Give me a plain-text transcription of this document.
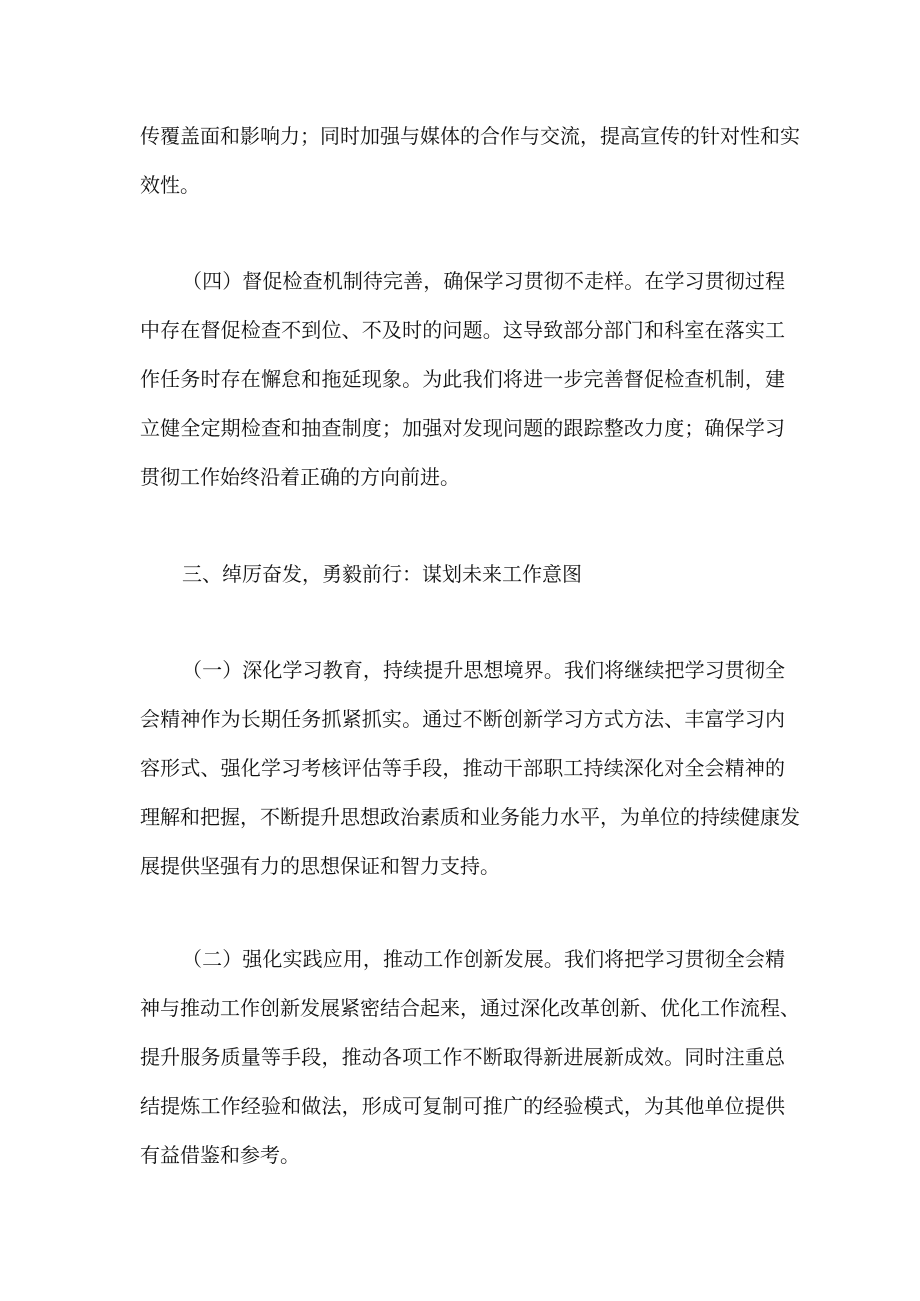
传覆盖面和影响力；同时加强与媒体的合作与交流，提高宣传的针对性和实
效性。
（四）督促检查机制待完善，确保学习贯彻不走样。在学习贯彻过程
中存在督促检查不到位、不及时的问题。这导致部分部门和科室在落实工
作任务时存在懈怠和拖延现象。为此我们将进一步完善督促检查机制，建
立健全定期检查和抽查制度；加强对发现问题的跟踪整改力度；确保学习
贯彻工作始终沿着正确的方向前进。
三、绰厉奋发，勇毅前行：谋划未来工作意图
（一）深化学习教育，持续提升思想境界。我们将继续把学习贯彻全
会精神作为长期任务抓紧抓实。通过不断创新学习方式方法、丰富学习内
容形式、强化学习考核评估等手段，推动干部职工持续深化对全会精神的
理解和把握，不断提升思想政治素质和业务能力水平，为单位的持续健康发
展提供坚强有力的思想保证和智力支持。
（二）强化实践应用，推动工作创新发展。我们将把学习贯彻全会精
神与推动工作创新发展紧密结合起来，通过深化改革创新、优化工作流程、
提升服务质量等手段，推动各项工作不断取得新进展新成效。同时注重总
结提炼工作经验和做法，形成可复制可推广的经验模式，为其他单位提供
有益借鉴和参考。
